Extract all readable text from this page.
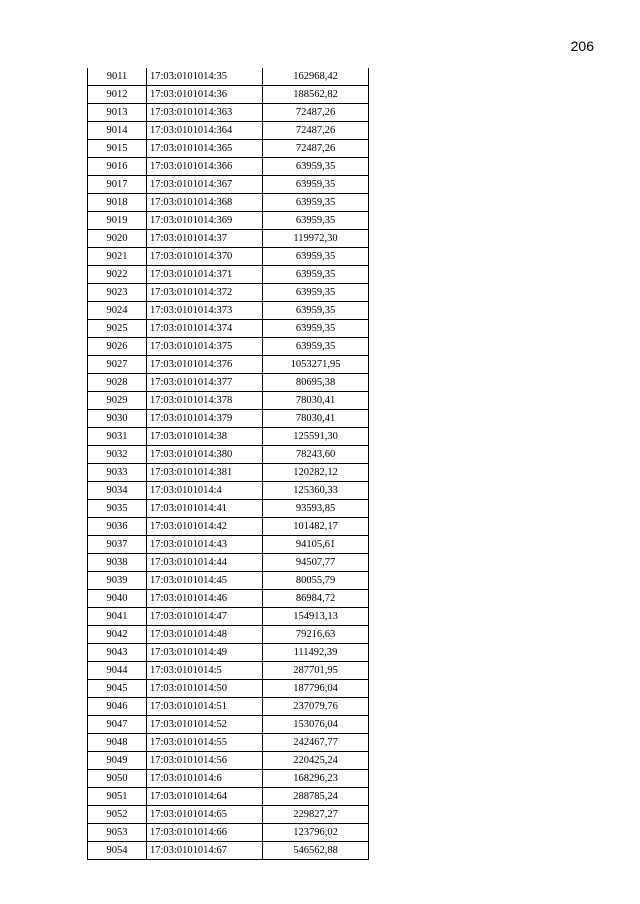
206
9011	17:03:0101014:35	162968,42
9012	17:03:0101014:36	188562,82
9013	17:03:0101014:363	72487,26
9014	17:03:0101014:364	72487,26
9015	17:03:0101014:365	72487,26
9016	17:03:0101014:366	63959,35
9017	17:03:0101014:367	63959,35
9018	17:03:0101014:368	63959,35
9019	17:03:0101014:369	63959,35
9020	17:03:0101014:37	119972,30
9021	17:03:0101014:370	63959,35
9022	17:03:0101014:371	63959,35
9023	17:03:0101014:372	63959,35
9024	17:03:0101014:373	63959,35
9025	17:03:0101014:374	63959,35
9026	17:03:0101014:375	63959,35
9027	17:03:0101014:376	1053271,95
9028	17:03:0101014:377	80695,38
9029	17:03:0101014:378	78030,41
9030	17:03:0101014:379	78030,41
9031	17:03:0101014:38	125591,30
9032	17:03:0101014:380	78243,60
9033	17:03:0101014:381	120282,12
9034	17:03:0101014:4	125360,33
9035	17:03:0101014:41	93593,85
9036	17:03:0101014:42	101482,17
9037	17:03:0101014:43	94105,61
9038	17:03:0101014:44	94507,77
9039	17:03:0101014:45	80055,79
9040	17:03:0101014:46	86984,72
9041	17:03:0101014:47	154913,13
9042	17:03:0101014:48	79216,63
9043	17:03:0101014:49	111492,39
9044	17:03:0101014:5	287701,95
9045	17:03:0101014:50	187796,04
9046	17:03:0101014:51	237079,76
9047	17:03:0101014:52	153076,04
9048	17:03:0101014:55	242467,77
9049	17:03:0101014:56	220425,24
9050	17:03:0101014:6	168296,23
9051	17:03:0101014:64	288785,24
9052	17:03:0101014:65	229827,27
9053	17:03:0101014:66	123796,02
9054	17:03:0101014:67	546562,88
